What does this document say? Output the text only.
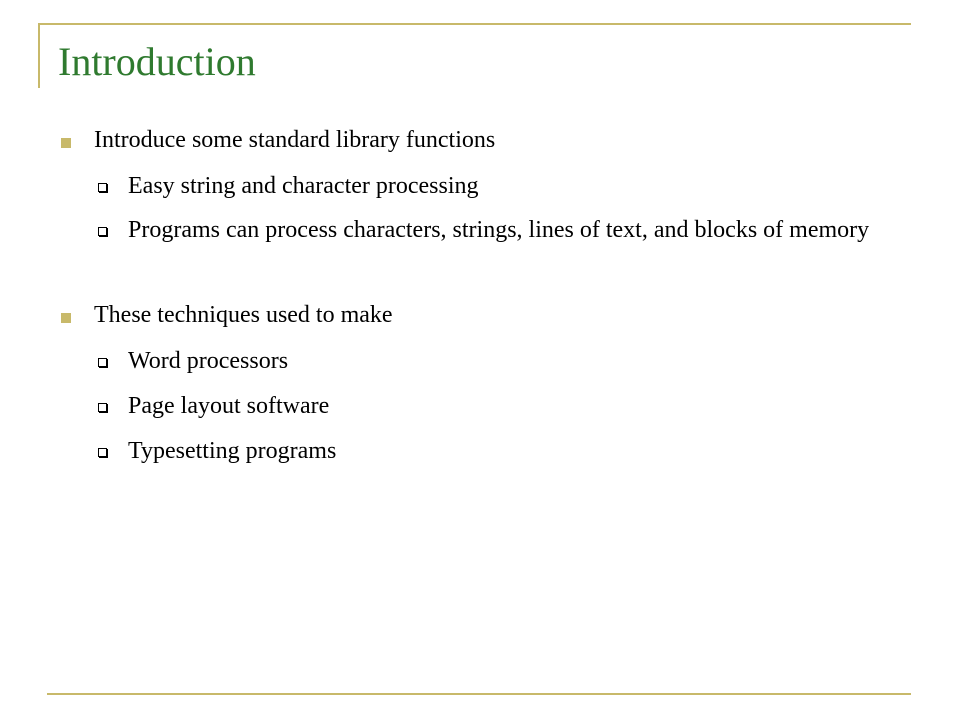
Introduction
Introduce some standard library functions
Easy string and character processing
Programs can process characters, strings, lines of text, and blocks of memory
These techniques used to make
Word processors
Page layout software
Typesetting programs
